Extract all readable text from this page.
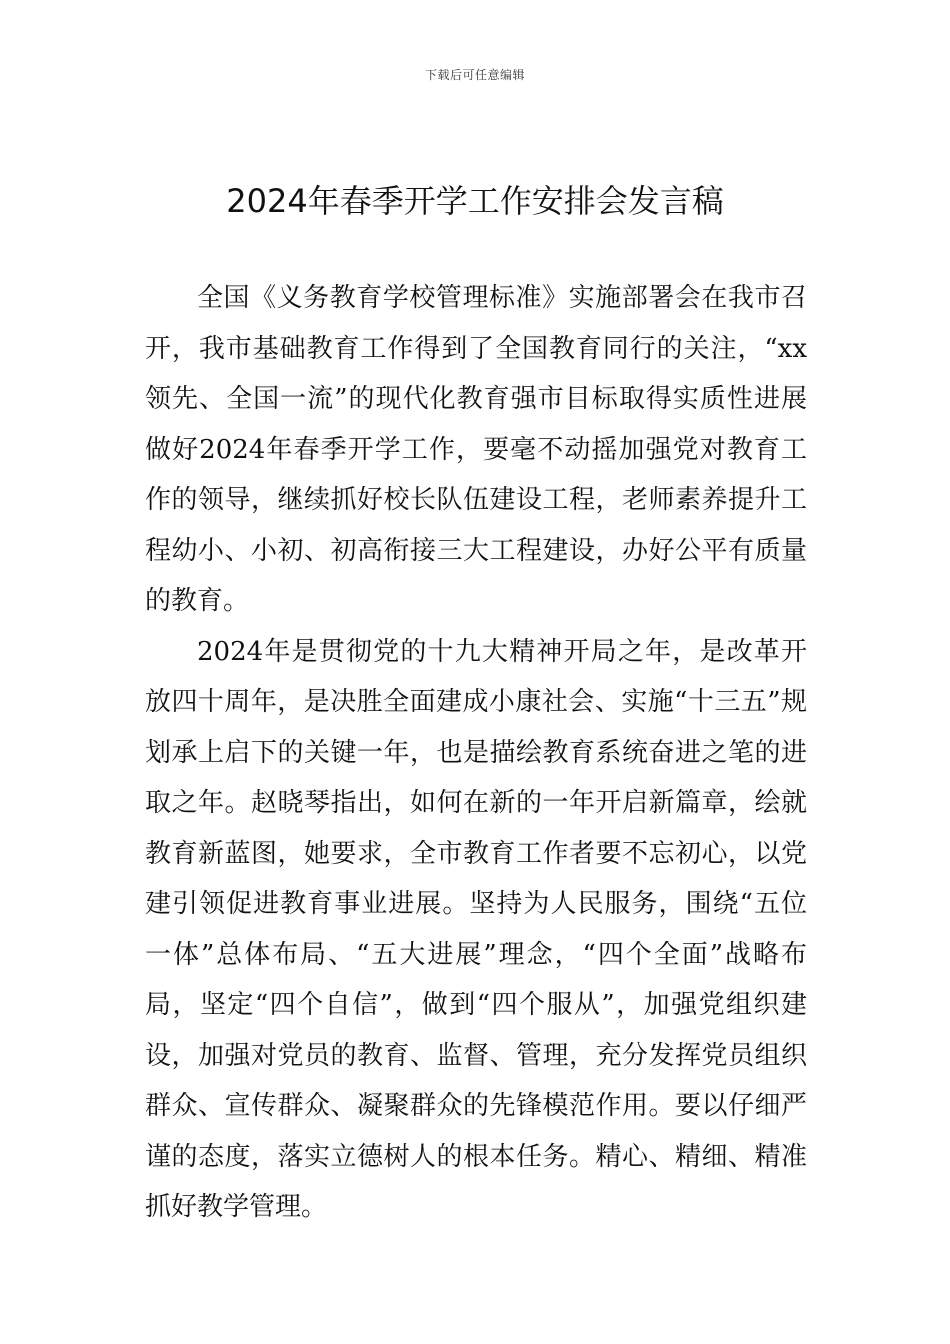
下载后可任意编辑
2024年春季开学工作安排会发言稿

全国《义务教育学校管理标准》实施部署会在我市召开，我市基础教育工作得到了全国教育同行的关注，“xx领先、全国一流”的现代化教育强市目标取得实质性进展做好2024年春季开学工作，要毫不动摇加强党对教育工作的领导，继续抓好校长队伍建设工程，老师素养提升工程幼小、小初、初高衔接三大工程建设，办好公平有质量的教育。

2024年是贯彻党的十九大精神开局之年，是改革开放四十周年，是决胜全面建成小康社会、实施“十三五”规划承上启下的关键一年，也是描绘教育系统奋进之笔的进取之年。赵晓琴指出，如何在新的一年开启新篇章，绘就教育新蓝图，她要求，全市教育工作者要不忘初心，以党建引领促进教育事业进展。坚持为人民服务，围绕“五位一体”总体布局、“五大进展”理念，“四个全面”战略布局，坚定“四个自信”，做到“四个服从”，加强党组织建设，加强对党员的教育、监督、管理，充分发挥党员组织群众、宣传群众、凝聚群众的先锋模范作用。要以仔细严谨的态度，落实立德树人的根本任务。精心、精细、精准抓好教学管理。
